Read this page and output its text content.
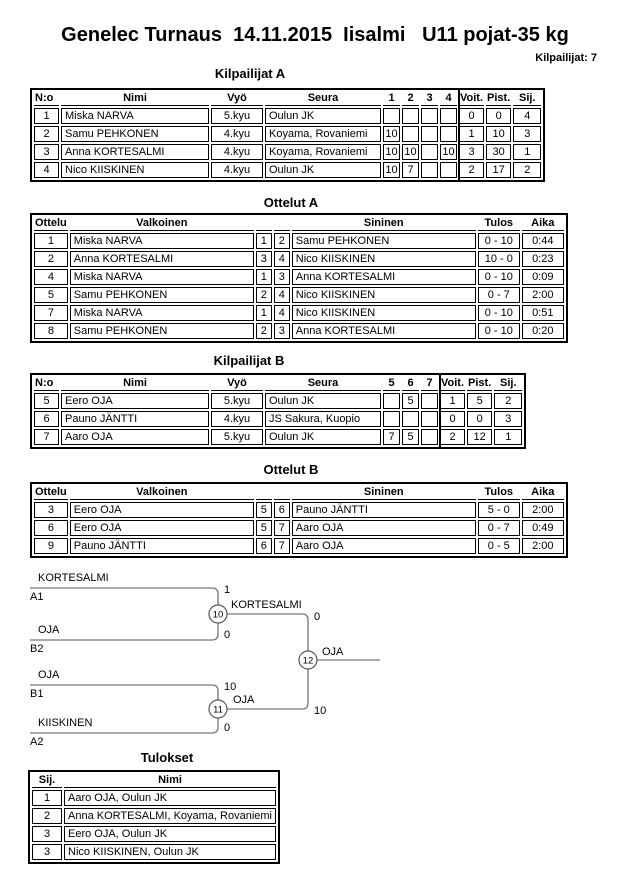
Genelec Turnaus  14.11.2015  Iisalmi   U11 pojat-35 kg
Kilpailijat: 7
Kilpailijat A
N:o	Nimi	Vyö	Seura	1	2	3	4	Voit.	Pist.	Sij.
1	Miska NARVA	5.kyu	Oulun JK					0	0	4
2	Samu PEHKONEN	4.kyu	Koyama, Rovaniemi	10				1	10	3
3	Anna KORTESALMI	4.kyu	Koyama, Rovaniemi	10	10		10	3	30	1
4	Nico KIISKINEN	4.kyu	Oulun JK	10	7			2	17	2
Ottelut A
Ottelu	Valkoinen			Sininen	Tulos	Aika
1	Miska NARVA	1	2	Samu PEHKONEN	0 - 10	0:44
2	Anna KORTESALMI	3	4	Nico KIISKINEN	10 - 0	0:23
4	Miska NARVA	1	3	Anna KORTESALMI	0 - 10	0:09
5	Samu PEHKONEN	2	4	Nico KIISKINEN	0 - 7	2:00
7	Miska NARVA	1	4	Nico KIISKINEN	0 - 10	0:51
8	Samu PEHKONEN	2	3	Anna KORTESALMI	0 - 10	0:20
Kilpailijat B
N:o	Nimi	Vyö	Seura	5	6	7	Voit.	Pist.	Sij.
5	Eero OJA	5.kyu	Oulun JK		5		1	5	2
6	Pauno JÄNTTI	4.kyu	JS Sakura, Kuopio				0	0	3
7	Aaro OJA	5.kyu	Oulun JK	7	5		2	12	1
Ottelut B
Ottelu	Valkoinen			Sininen	Tulos	Aika
3	Eero OJA	5	6	Pauno JÄNTTI	5 - 0	2:00
6	Eero OJA	5	7	Aaro OJA	0 - 7	0:49
9	Pauno JÄNTTI	6	7	Aaro OJA	0 - 5	2:00
KORTESALMI
A1
1
OJA
B2
0
KORTESALMI
0
OJA
B1
10
KIISKINEN
A2
0
OJA
10
OJA
10
11
12
Tulokset
Sij.	Nimi
1	Aaro OJA, Oulun JK
2	Anna KORTESALMI, Koyama, Rovaniemi
3	Eero OJA, Oulun JK
3	Nico KIISKINEN, Oulun JK
